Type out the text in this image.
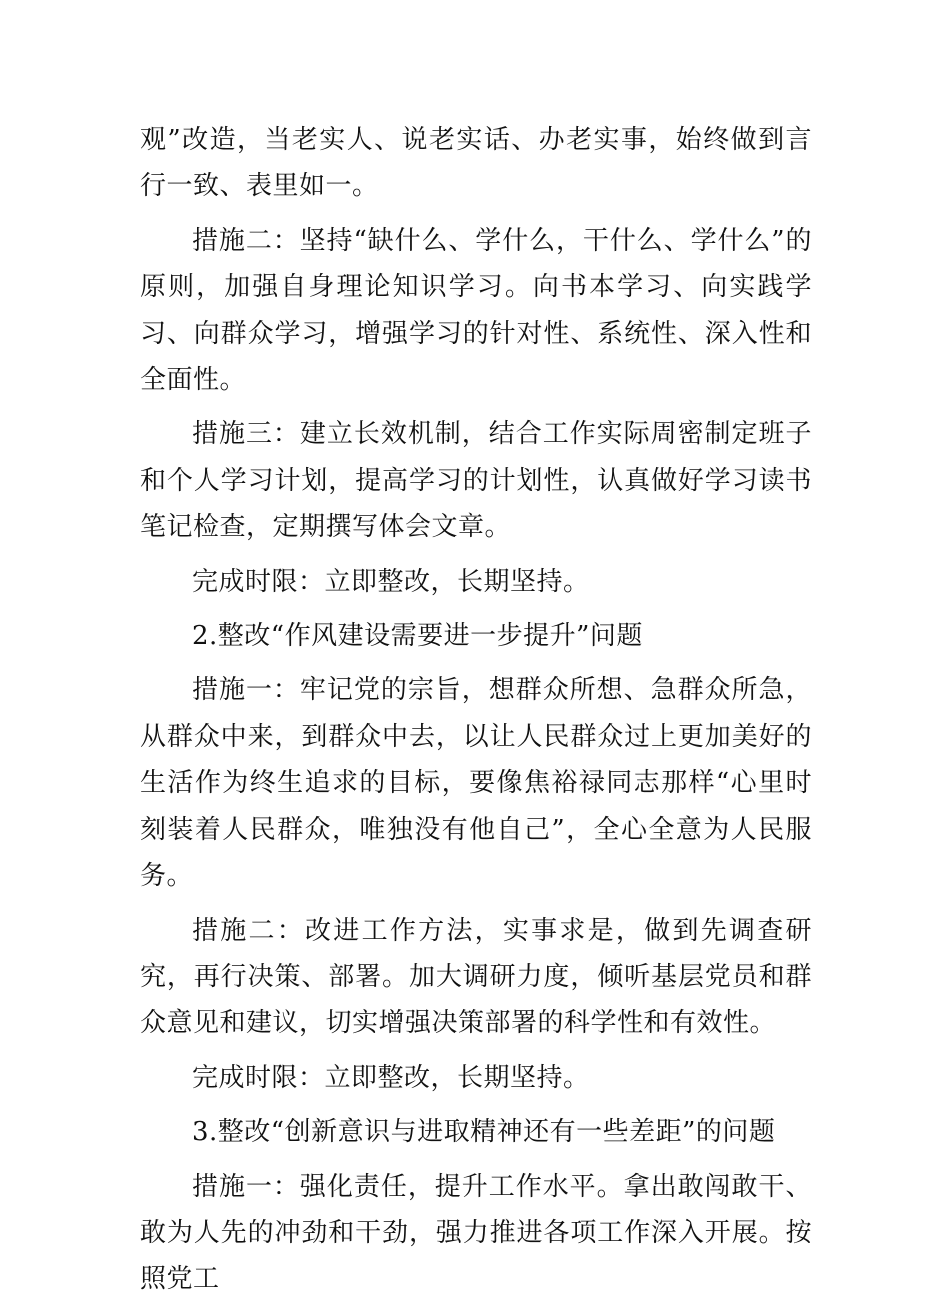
观”改造，当老实人、说老实话、办老实事，始终做到言行一致、表里如一。

措施二：坚持“缺什么、学什么，干什么、学什么”的原则，加强自身理论知识学习。向书本学习、向实践学习、向群众学习，增强学习的针对性、系统性、深入性和全面性。

措施三：建立长效机制，结合工作实际周密制定班子和个人学习计划，提高学习的计划性，认真做好学习读书笔记检查，定期撰写体会文章。

完成时限：立即整改，长期坚持。

2.整改“作风建设需要进一步提升”问题

措施一：牢记党的宗旨，想群众所想、急群众所急，从群众中来，到群众中去，以让人民群众过上更加美好的生活作为终生追求的目标，要像焦裕禄同志那样“心里时刻装着人民群众，唯独没有他自己”，全心全意为人民服务。

措施二：改进工作方法，实事求是，做到先调查研究，再行决策、部署。加大调研力度，倾听基层党员和群众意见和建议，切实增强决策部署的科学性和有效性。

完成时限：立即整改，长期坚持。

3.整改“创新意识与进取精神还有一些差距”的问题

措施一：强化责任，提升工作水平。拿出敢闯敢干、敢为人先的冲劲和干劲，强力推进各项工作深入开展。按照党工
